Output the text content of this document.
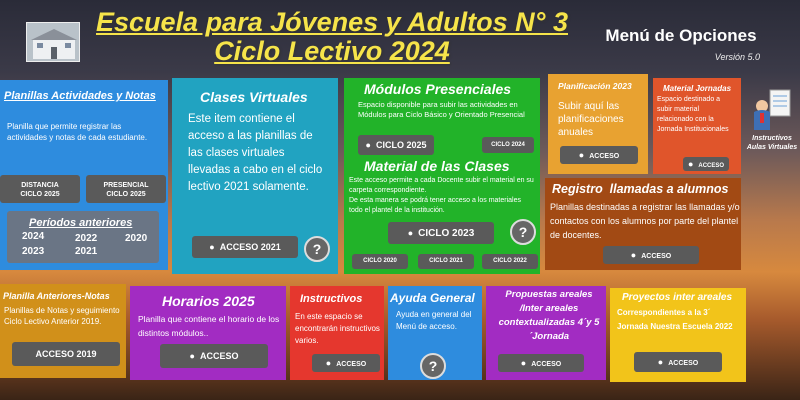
Escuela para Jóvenes y Adultos N° 3
Ciclo Lectivo 2024
Menú de Opciones
Versión 5.0
Planillas Actividades y Notas
Planilla que permite registrar las actividades y notas de cada estudiante.
DISTANCIA CICLO 2025
PRESENCIAL CICLO 2025
Períodos anteriores
2024	2022	2020
2023	2021
Clases Virtuales
Este item contiene el acceso a las planillas de las clases virtuales llevadas a cabo en el ciclo lectivo 2021 solamente.
● ACCESO 2021	?
Módulos Presenciales
Espacio disponible para subir las actividades en Módulos para Ciclo Básico y Orientado Presencial
● CICLO 2025	CICLO 2024
Material de las Clases
Este acceso permite a cada Docente subir el material en su carpeta correspondiente.
De esta manera se podrá tener acceso a los materiales todo el plantel de la institución.
● CICLO 2023	?
CICLO 2020	CICLO 2021	CICLO 2022
Planificación 2023
Subir aquí las planificaciones anuales
● ACCESO
Material Jornadas
Espacio destinado a subir material relacionado con la Jornada Institucionales
● ACCESO
Instructivos Aulas Virtuales
Registro  llamadas a alumnos
Planillas destinadas a registrar las llamadas y/o contactos con los alumnos por parte del plantel de docentes.
● ACCESO
Planilla Anteriores-Notas
Planillas de Notas y seguimiento Ciclo Lectivo Anterior 2019.
ACCESO 2019
Horarios 2025
Planilla que contiene el horario de los distintos módulos..
● ACCESO
Instructivos
En este espacio se encontrarán instructivos varios.
● ACCESO
Ayuda General
Ayuda en general del Menú de acceso.
?
Propuestas areales /Inter areales contextualizadas 4´y 5´Jornada
● ACCESO
Proyectos inter areales
Correspondientes a la 3´ Jornada Nuestra Escuela 2022
● ACCESO
